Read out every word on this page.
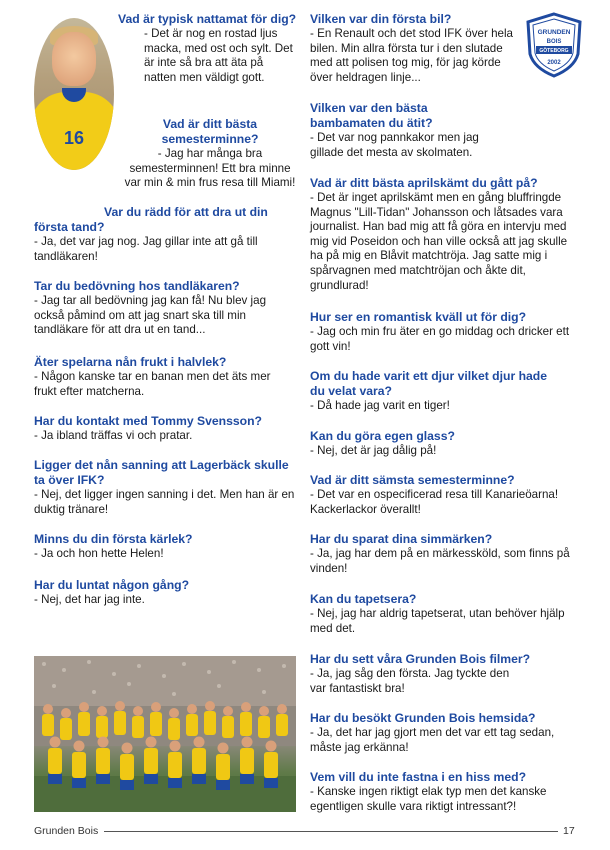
16
GRUNDEN
BOIS
GÖTEBORG
2002

Vad är typisk nattamat för dig?

- Det är nog en rostad ljus macka, med ost och sylt. Det är inte så bra att äta på natten men väldigt gott.

Vad är ditt bästa semesterminne?

- Jag har många bra semesterminnen! Ett bra minne var min & min frus resa till Miami!

Var du rädd för att dra ut din första tand?

- Ja, det var jag nog. Jag gillar inte att gå till tandläkaren!

Tar du bedövning hos tandläkaren?

- Jag tar all bedövning jag kan få! Nu blev jag också påmind om att jag snart ska till min tandläkare för att dra ut en tand...

Äter spelarna nån frukt i halvlek?

- Någon kanske tar en banan men det äts mer frukt efter matcherna.

Har du kontakt med Tommy Svensson?

- Ja ibland träffas vi och pratar.

Ligger det nån sanning att Lagerbäck skulle ta över IFK?

- Nej, det ligger ingen sanning i det. Men han är en duktig tränare!

Minns du din första kärlek?

- Ja och hon hette Helen!

Har du luntat någon gång?

- Nej, det har jag inte.

Vilken var din första bil?

- En Renault och det stod IFK över hela bilen. Min allra första tur i den slutade med att polisen tog mig, för jag körde över heldragen linje...

Vilken var den bästa bambamaten du ätit?

- Det var nog pannkakor men jag gillade det mesta av skolmaten.

Vad är ditt bästa aprilskämt du gått på?

- Det är inget aprilskämt men en gång bluffringde Magnus "Lill-Tidan" Johansson och låtsades vara journalist. Han bad mig att få göra en intervju med mig vid Poseidon och han ville också att jag skulle ha på mig en Blåvit matchtröja. Jag satte mig i spårvagnen med matchtröjan och åkte dit, grundlurad!

Hur ser en romantisk kväll ut för dig?

- Jag och min fru äter en go middag och dricker ett gott vin!

Om du hade varit ett djur vilket djur hade du velat vara?

- Då hade jag varit en tiger!

Kan du göra egen glass?

- Nej, det är jag dålig på!

Vad är ditt sämsta semesterminne?

- Det var en ospecificerad resa till Kanarieöarna! Kackerlackor överallt!

Har du sparat dina simmärken?

- Ja, jag har dem på en märkessköld, som finns på vinden!

Kan du tapetsera?

- Nej, jag har aldrig tapetserat, utan behöver hjälp med det.

Har du sett våra Grunden Bois filmer?

- Ja, jag såg den första. Jag tyckte den var fantastiskt bra!

Har du besökt Grunden Bois hemsida?

- Ja, det har jag gjort men det var ett tag sedan, måste jag erkänna!

Vem vill du inte fastna i en hiss med?

- Kanske ingen riktigt elak typ men det kanske egentligen skulle vara riktigt intressant?!

Grunden Bois	17
